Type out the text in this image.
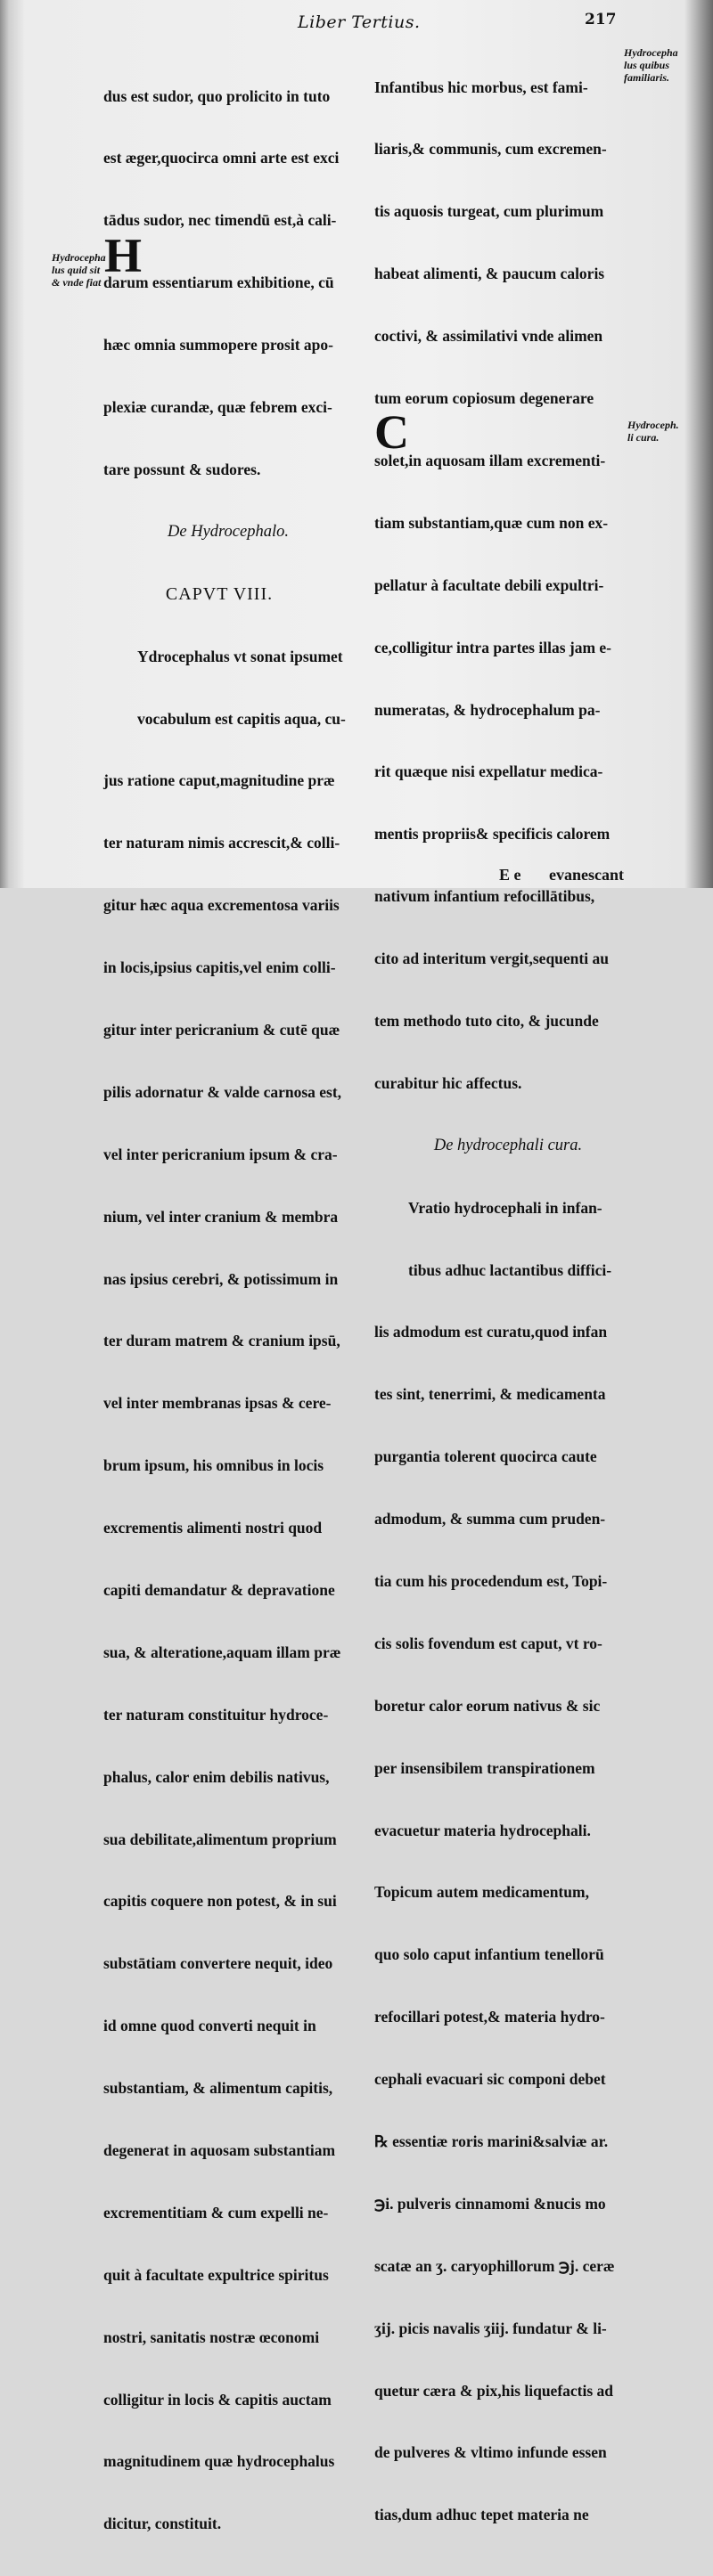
Liber Tertius.	217

dus est sudor, quo prolicito in tuto

est æger,quocirca omni arte est exci

tādus sudor, nec timendū est,à cali-

darum essentiarum exhibitione, cū

hæc omnia summopere prosit apo-

plexiæ curandæ, quæ febrem exci-

tare possunt & sudores.

De Hydrocephalo.

CAPVT VIII.

Ydrocephalus vt sonat ipsumet

vocabulum est capitis aqua, cu-

jus ratione caput,magnitudine præ

ter naturam nimis accrescit,& colli-

gitur hæc aqua excrementosa variis

in locis,ipsius capitis,vel enim colli-

gitur inter pericranium & cutē quæ

pilis adornatur & valde carnosa est,

vel inter pericranium ipsum & cra-

nium, vel inter cranium & membra

nas ipsius cerebri, & potissimum in

ter duram matrem & cranium ipsū,

vel inter membranas ipsas & cere-

brum ipsum, his omnibus in locis

excrementis alimenti nostri quod

capiti demandatur & depravatione

sua, & alteratione,aquam illam præ

ter naturam constituitur hydroce-

phalus, calor enim debilis nativus,

sua debilitate,alimentum proprium

capitis coquere non potest, & in sui

substātiam convertere nequit, ideo

id omne quod converti nequit in

substantiam, & alimentum capitis,

degenerat in aquosam substantiam

excrementitiam & cum expelli ne-

quit à facultate expultrice spiritus

nostri, sanitatis nostræ œconomi

colligitur in locis & capitis auctam

magnitudinem quæ hydrocephalus

dicitur, constituit.

H

Infantibus hic morbus, est fami-

liaris,& communis, cum excremen-

tis aquosis turgeat, cum plurimum

habeat alimenti, & paucum caloris

coctivi, & assimilativi vnde alimen

tum eorum copiosum degenerare

solet,in aquosam illam excrementi-

tiam substantiam,quæ cum non ex-

pellatur à facultate debili expultri-

ce,colligitur intra partes illas jam e-

numeratas, & hydrocephalum pa-

rit quæque nisi expellatur medica-

mentis propriis& specificis calorem

nativum infantium refocillātibus,

cito ad interitum vergit,sequenti au

tem methodo tuto cito, & jucunde

curabitur hic affectus.

De hydrocephali cura.

Vratio hydrocephali in infan-

tibus adhuc lactantibus diffici-

lis admodum est curatu,quod infan

tes sint, tenerrimi, & medicamenta

purgantia tolerent quocirca caute

admodum, & summa cum pruden-

tia cum his procedendum est, Topi-

cis solis fovendum est caput, vt ro-

boretur calor eorum nativus & sic

per insensibilem transpirationem

evacuetur materia hydrocephali.

Topicum autem medicamentum,

quo solo caput infantium tenellorū

refocillari potest,& materia hydro-

cephali evacuari sic componi debet

℞ essentiæ roris marini&salviæ ar.

℈i. pulveris cinnamomi &nucis mo

scatæ an ʒ. caryophillorum ℈j. ceræ

ʒij. picis navalis ʒiij. fundatur & li-

quetur cæra & pix,his liquefactis ad

de pulveres & vltimo infunde essen

tias,dum adhuc tepet materia ne

C
Hydrocepha
lus quid sit
& vnde fiat
Hydrocepha
lus quibus
familiaris.
Hydroceph.
li cura.
E e evanescant
